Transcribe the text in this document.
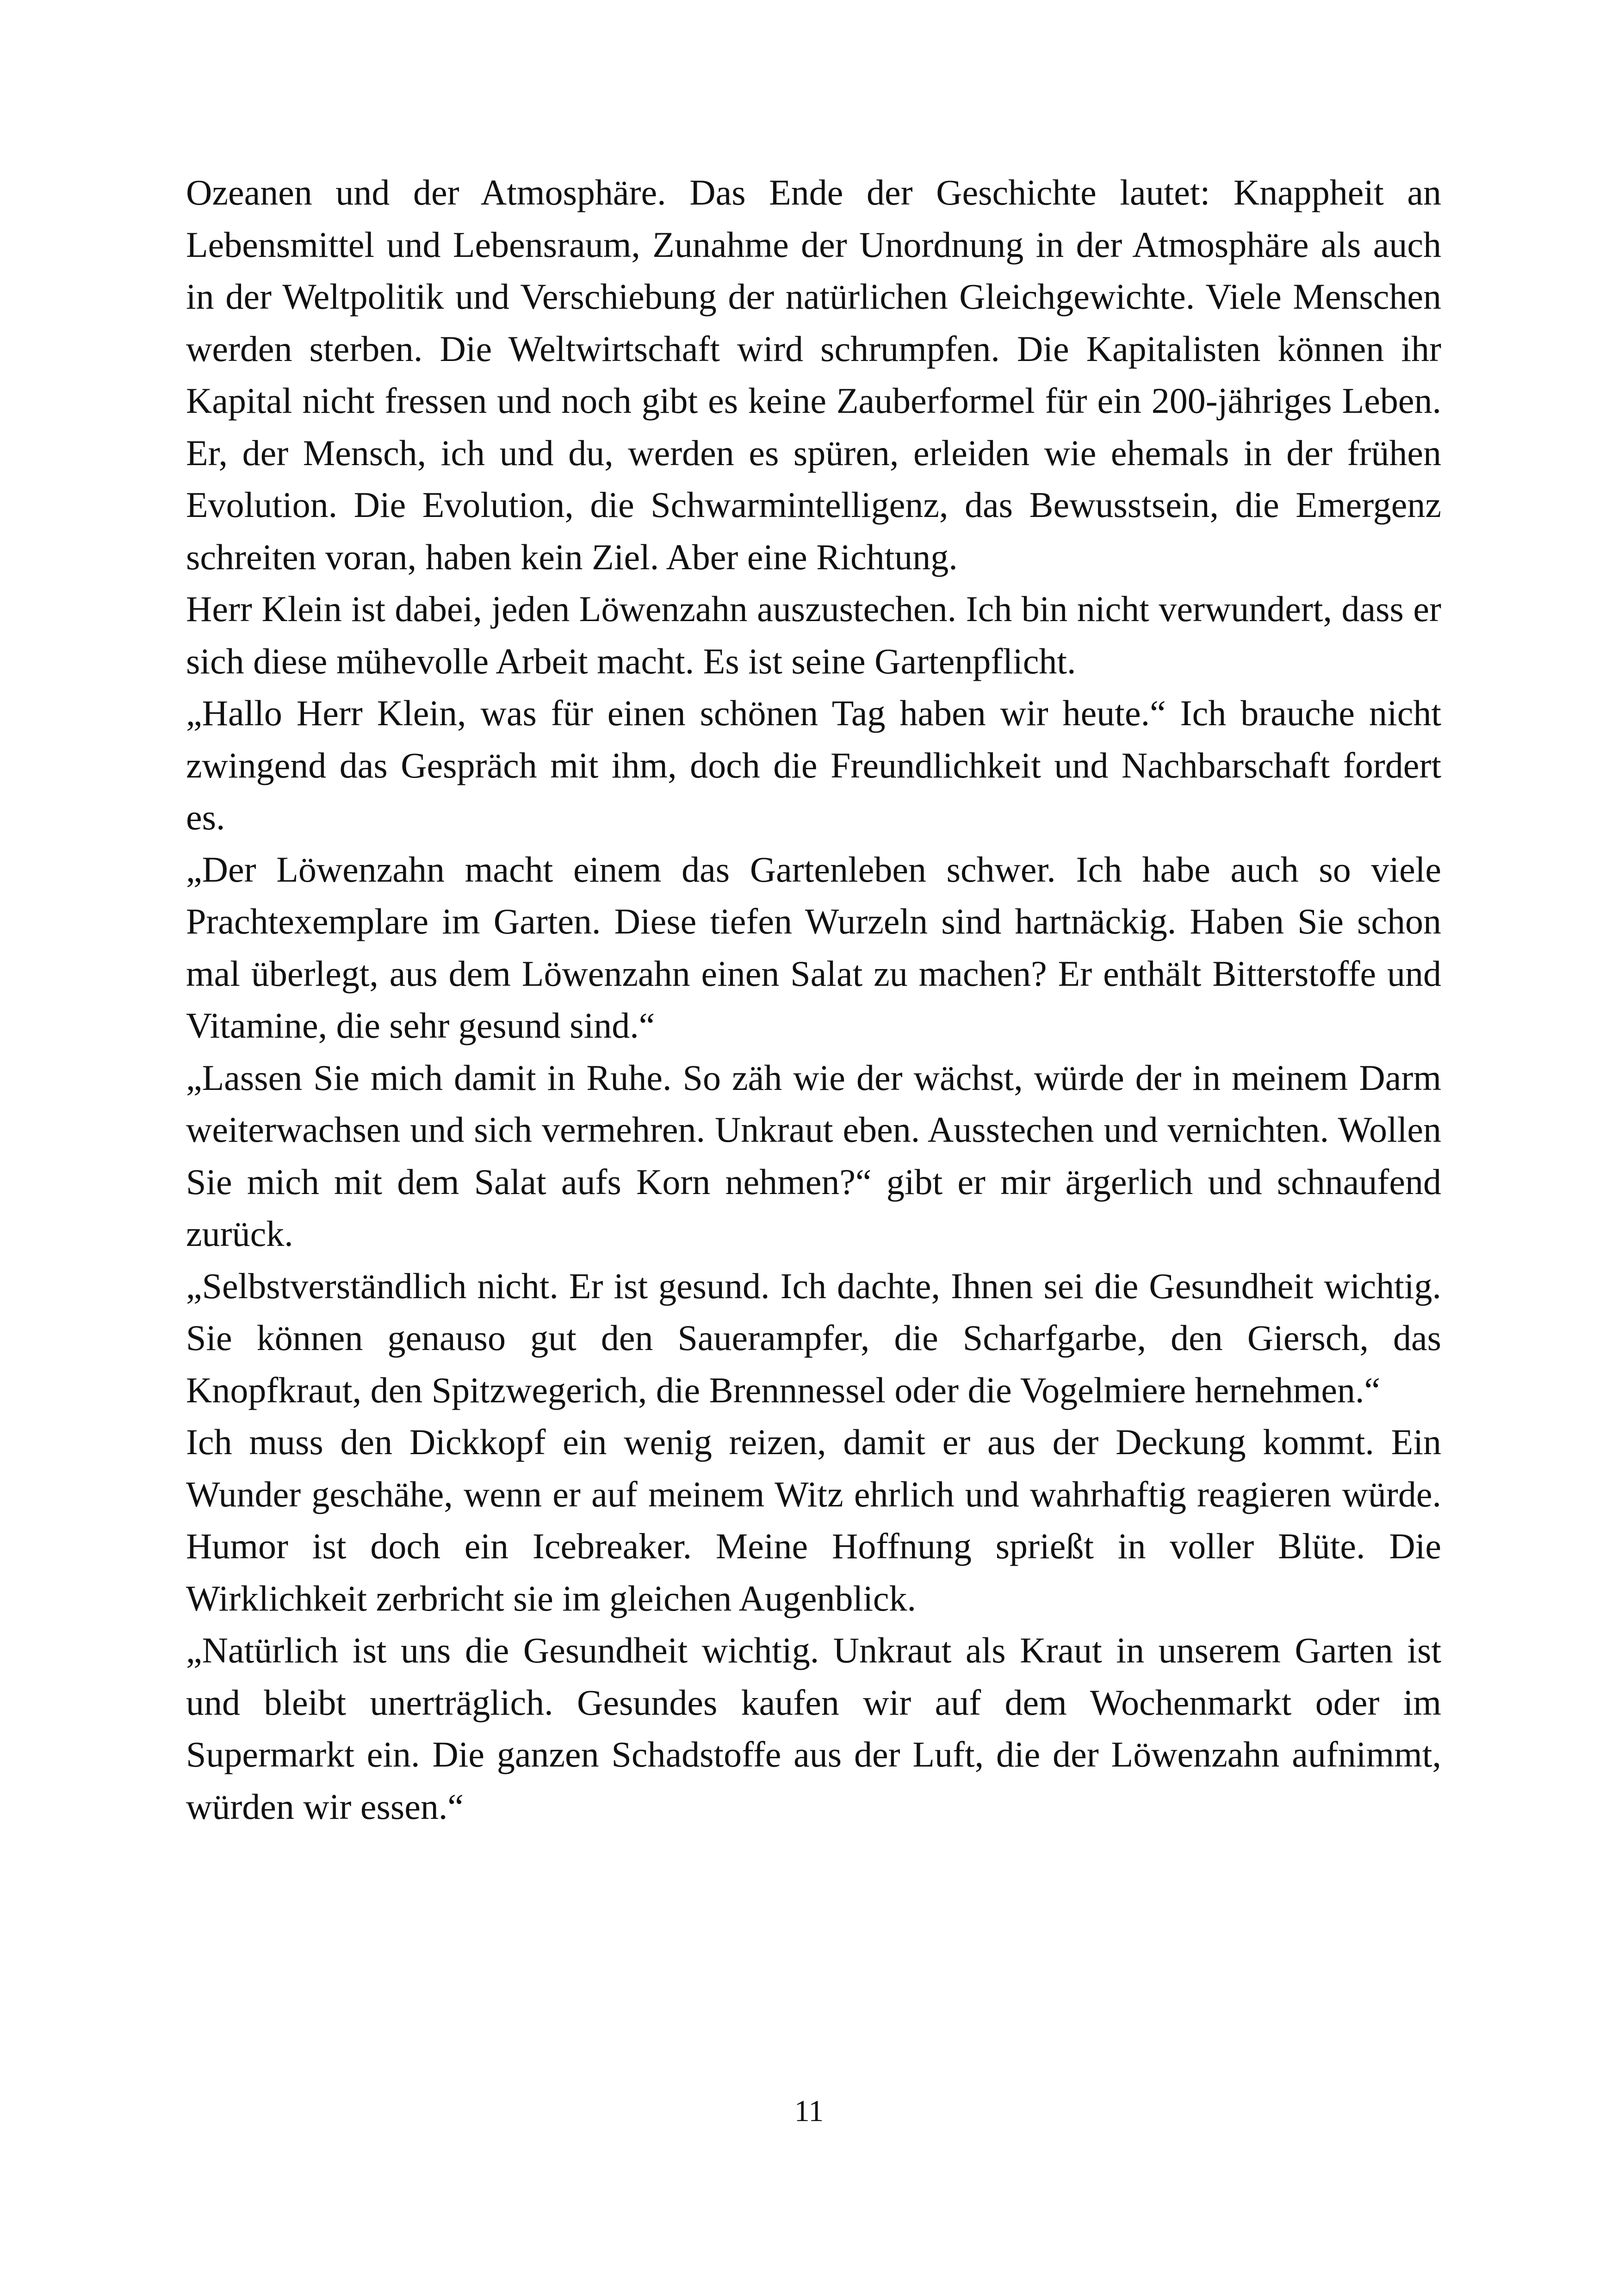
Ozeanen und der Atmosphäre. Das Ende der Geschichte lautet: Knappheit an Lebensmittel und Lebensraum, Zunahme der Unordnung in der Atmosphäre als auch in der Weltpolitik und Verschiebung der natürlichen Gleichgewichte. Viele Menschen werden sterben. Die Weltwirtschaft wird schrumpfen. Die Kapitalisten können ihr Kapital nicht fressen und noch gibt es keine Zauberformel für ein 200-jähriges Leben. Er, der Mensch, ich und du, werden es spüren, erleiden wie ehemals in der frühen Evolution. Die Evolution, die Schwarmintelligenz, das Bewusstsein, die Emergenz schreiten voran, haben kein Ziel. Aber eine Richtung.

Herr Klein ist dabei, jeden Löwenzahn auszustechen. Ich bin nicht verwundert, dass er sich diese mühevolle Arbeit macht. Es ist seine Gartenpflicht.

„Hallo Herr Klein, was für einen schönen Tag haben wir heute.“ Ich brauche nicht zwingend das Gespräch mit ihm, doch die Freundlichkeit und Nachbarschaft fordert es.

„Der Löwenzahn macht einem das Gartenleben schwer. Ich habe auch so viele Prachtexemplare im Garten. Diese tiefen Wurzeln sind hartnäckig. Haben Sie schon mal überlegt, aus dem Löwenzahn einen Salat zu machen? Er enthält Bitterstoffe und Vitamine, die sehr gesund sind.“

„Lassen Sie mich damit in Ruhe. So zäh wie der wächst, würde der in meinem Darm weiterwachsen und sich vermehren. Unkraut eben. Ausstechen und vernichten. Wollen Sie mich mit dem Salat aufs Korn nehmen?“ gibt er mir ärgerlich und schnaufend zurück.

„Selbstverständlich nicht. Er ist gesund. Ich dachte, Ihnen sei die Gesundheit wichtig. Sie können genauso gut den Sauerampfer, die Scharfgarbe, den Giersch, das Knopfkraut, den Spitzwegerich, die Brennnessel oder die Vogelmiere hernehmen.“

Ich muss den Dickkopf ein wenig reizen, damit er aus der Deckung kommt. Ein Wunder geschähe, wenn er auf meinem Witz ehrlich und wahrhaftig reagieren würde. Humor ist doch ein Icebreaker. Meine Hoffnung sprießt in voller Blüte. Die Wirklichkeit zerbricht sie im gleichen Augenblick.

„Natürlich ist uns die Gesundheit wichtig. Unkraut als Kraut in unserem Garten ist und bleibt unerträglich. Gesundes kaufen wir auf dem Wochenmarkt oder im Supermarkt ein. Die ganzen Schadstoffe aus der Luft, die der Löwenzahn aufnimmt, würden wir essen.“

11
